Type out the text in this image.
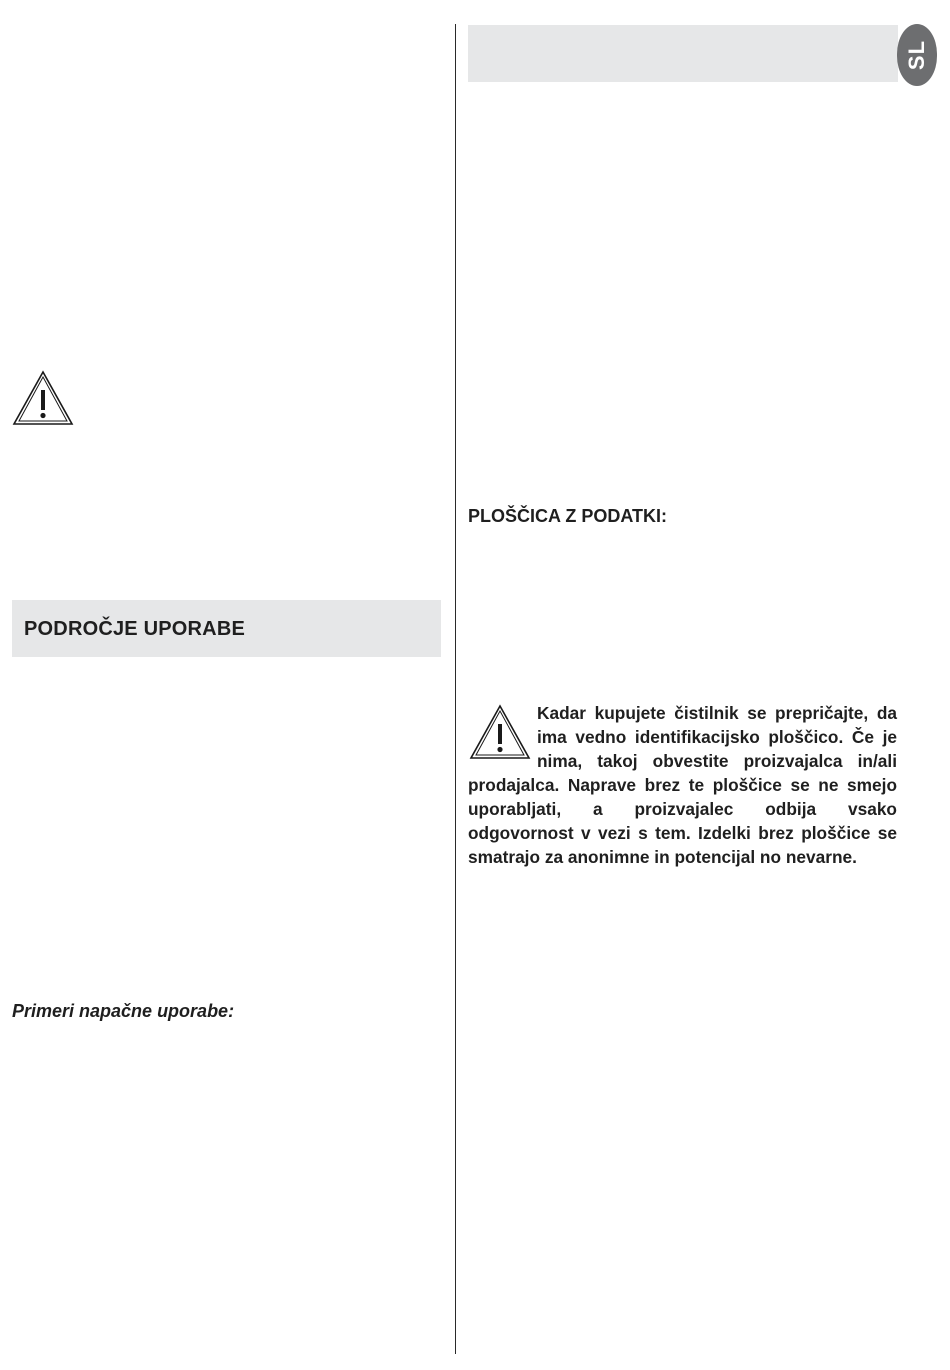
SL
PODROČJE UPORABE

Primeri napačne uporabe:

PLOŠČICA Z PODATKI:

Kadar kupujete čistilnik se prepričajte, da ima vedno identifikacijsko ploščico. Če je nima, takoj obvestite proizvajalca in/ali prodajalca. Naprave brez te ploščice se ne smejo uporabljati, a proizvajalec odbija vsako odgovornost v vezi s tem. Izdelki brez ploščice se smatrajo za anonimne in potencijal no nevarne.
